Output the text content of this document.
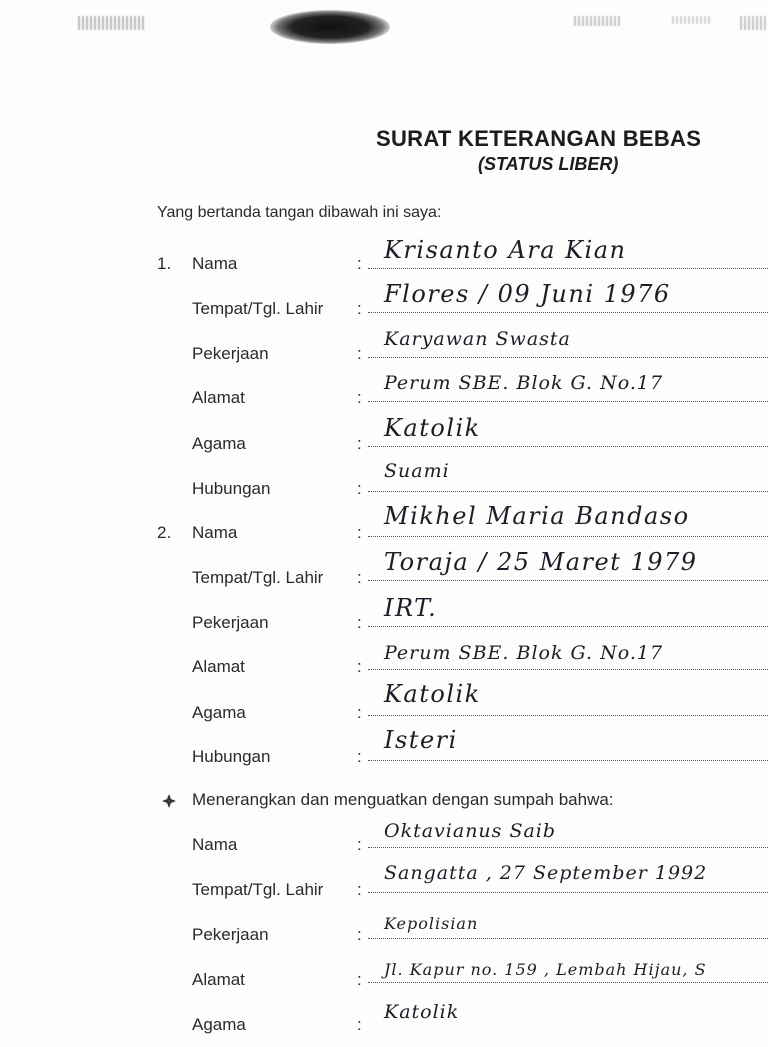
SURAT KETERANGAN BEBAS
(STATUS LIBER)
Yang bertanda tangan dibawah ini saya:
1. Nama	: Krisanto Ara Kian
Tempat/Tgl. Lahir :
Flores / 09 Juni 1976
Pekerjaan	:
Karyawan Swasta
Alamat	:
Perum SBE. Blok G. No.17
Agama	:
Katolik
Hubungan	:
Suami
2. Nama	:
Mikhel Maria Bandaso
Tempat/Tgl. Lahir :
Toraja / 25 Maret 1979
Pekerjaan	:
IRT.
Alamat	:
Perum SBE. Blok G. No.17
Agama	:
Katolik
Hubungan	:
Isteri
Menerangkan dan menguatkan dengan sumpah bahwa:
Nama	:
Oktavianus Saib
Tempat/Tgl. Lahir :
Sangatta , 27 September 1992
Pekerjaan	:
Kepolisian
Alamat	:
Jl. Kapur no. 159 , Lembah Hijau, S
Agama	:
Katolik
